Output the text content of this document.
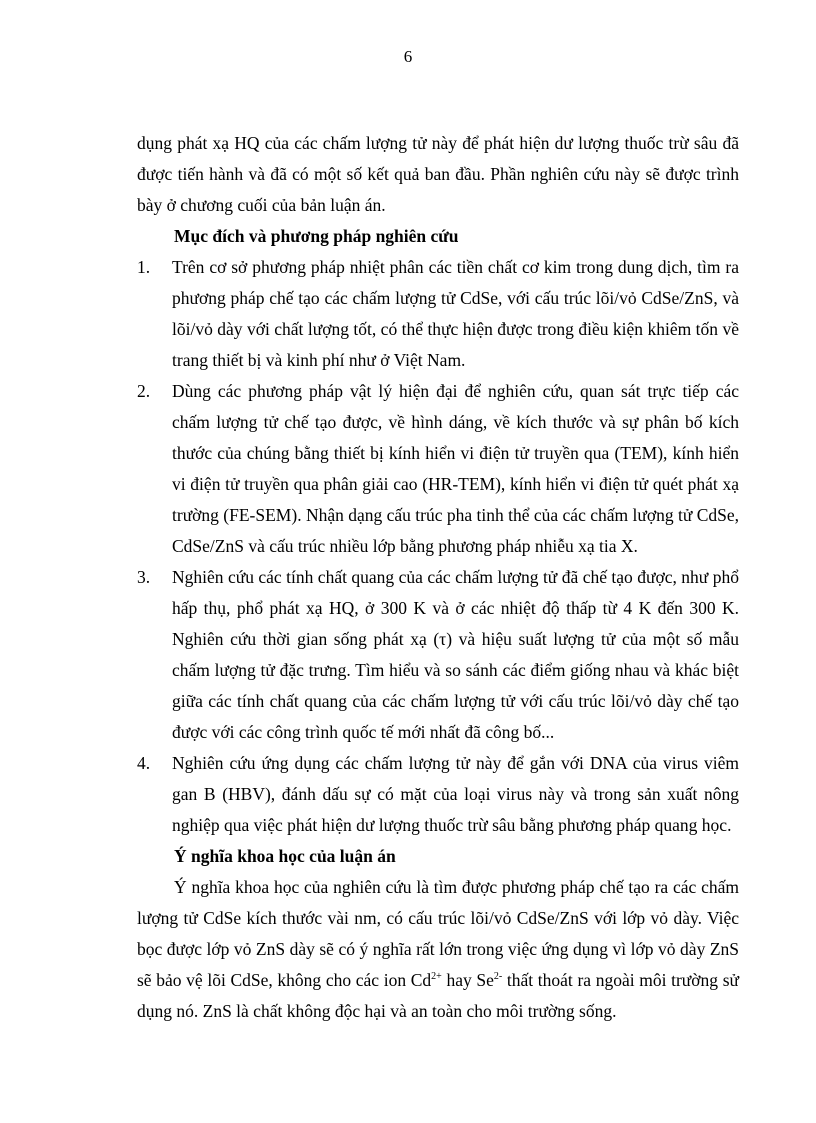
6

dụng phát xạ HQ của các chấm lượng tử này để phát hiện dư lượng thuốc trừ sâu đã được tiến hành và đã có một số kết quả ban đầu. Phần nghiên cứu này sẽ được trình bày ở chương cuối của bản luận án.

Mục đích và phương pháp nghiên cứu

1. Trên cơ sở phương pháp nhiệt phân các tiền chất cơ kim trong dung dịch, tìm ra phương pháp chế tạo các chấm lượng tử CdSe, với cấu trúc lõi/vỏ CdSe/ZnS, và lõi/vỏ dày với chất lượng tốt, có thể thực hiện được trong điều kiện khiêm tốn về trang thiết bị và kinh phí như ở Việt Nam.
2. Dùng các phương pháp vật lý hiện đại để nghiên cứu, quan sát trực tiếp các chấm lượng tử chế tạo được, về hình dáng, về kích thước và sự phân bố kích thước của chúng bằng thiết bị kính hiển vi điện tử truyền qua (TEM), kính hiển vi điện tử truyền qua phân giải cao (HR-TEM), kính hiển vi điện tử quét phát xạ trường (FE-SEM). Nhận dạng cấu trúc pha tinh thể của các chấm lượng tử CdSe, CdSe/ZnS và cấu trúc nhiều lớp bằng phương pháp nhiễu xạ tia X.
3. Nghiên cứu các tính chất quang của các chấm lượng tử đã chế tạo được, như phổ hấp thụ, phổ phát xạ HQ, ở 300 K và ở các nhiệt độ thấp từ 4 K đến 300 K. Nghiên cứu thời gian sống phát xạ (τ) và hiệu suất lượng tử của một số mẫu chấm lượng tử đặc trưng. Tìm hiểu và so sánh các điểm giống nhau và khác biệt giữa các tính chất quang của các chấm lượng tử với cấu trúc lõi/vỏ dày chế tạo được với các công trình quốc tế mới nhất đã công bố...
4. Nghiên cứu ứng dụng các chấm lượng tử này để gắn với DNA của virus viêm gan B (HBV), đánh dấu sự có mặt của loại virus này và trong sản xuất nông nghiệp qua việc phát hiện dư lượng thuốc trừ sâu bằng phương pháp quang học.

Ý nghĩa khoa học của luận án

Ý nghĩa khoa học của nghiên cứu là tìm được phương pháp chế tạo ra các chấm lượng tử CdSe kích thước vài nm, có cấu trúc lõi/vỏ CdSe/ZnS với lớp vỏ dày. Việc bọc được lớp vỏ ZnS dày sẽ có ý nghĩa rất lớn trong việc ứng dụng vì lớp vỏ dày ZnS sẽ bảo vệ lõi CdSe, không cho các ion $Cd^{2+}$ hay $Se^{2-}$ thất thoát ra ngoài môi trường sử dụng nó. ZnS là chất không độc hại và an toàn cho môi trường sống.
